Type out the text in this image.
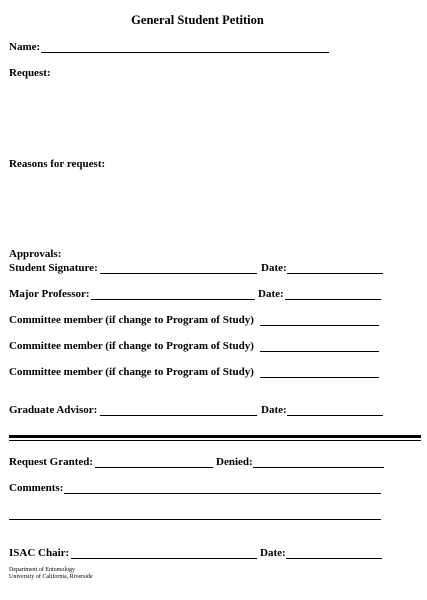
General Student Petition
Name:
Request:
Reasons for request:
Approvals:
Student Signature:	Date:
Major Professor:	Date:
Committee member (if change to Program of Study)
Committee member (if change to Program of Study)
Committee member (if change to Program of Study)
Graduate Advisor:	Date:
Request Granted:	Denied:
Comments:
ISAC Chair:	Date:
Department of Entomology
University of California, Riverside
